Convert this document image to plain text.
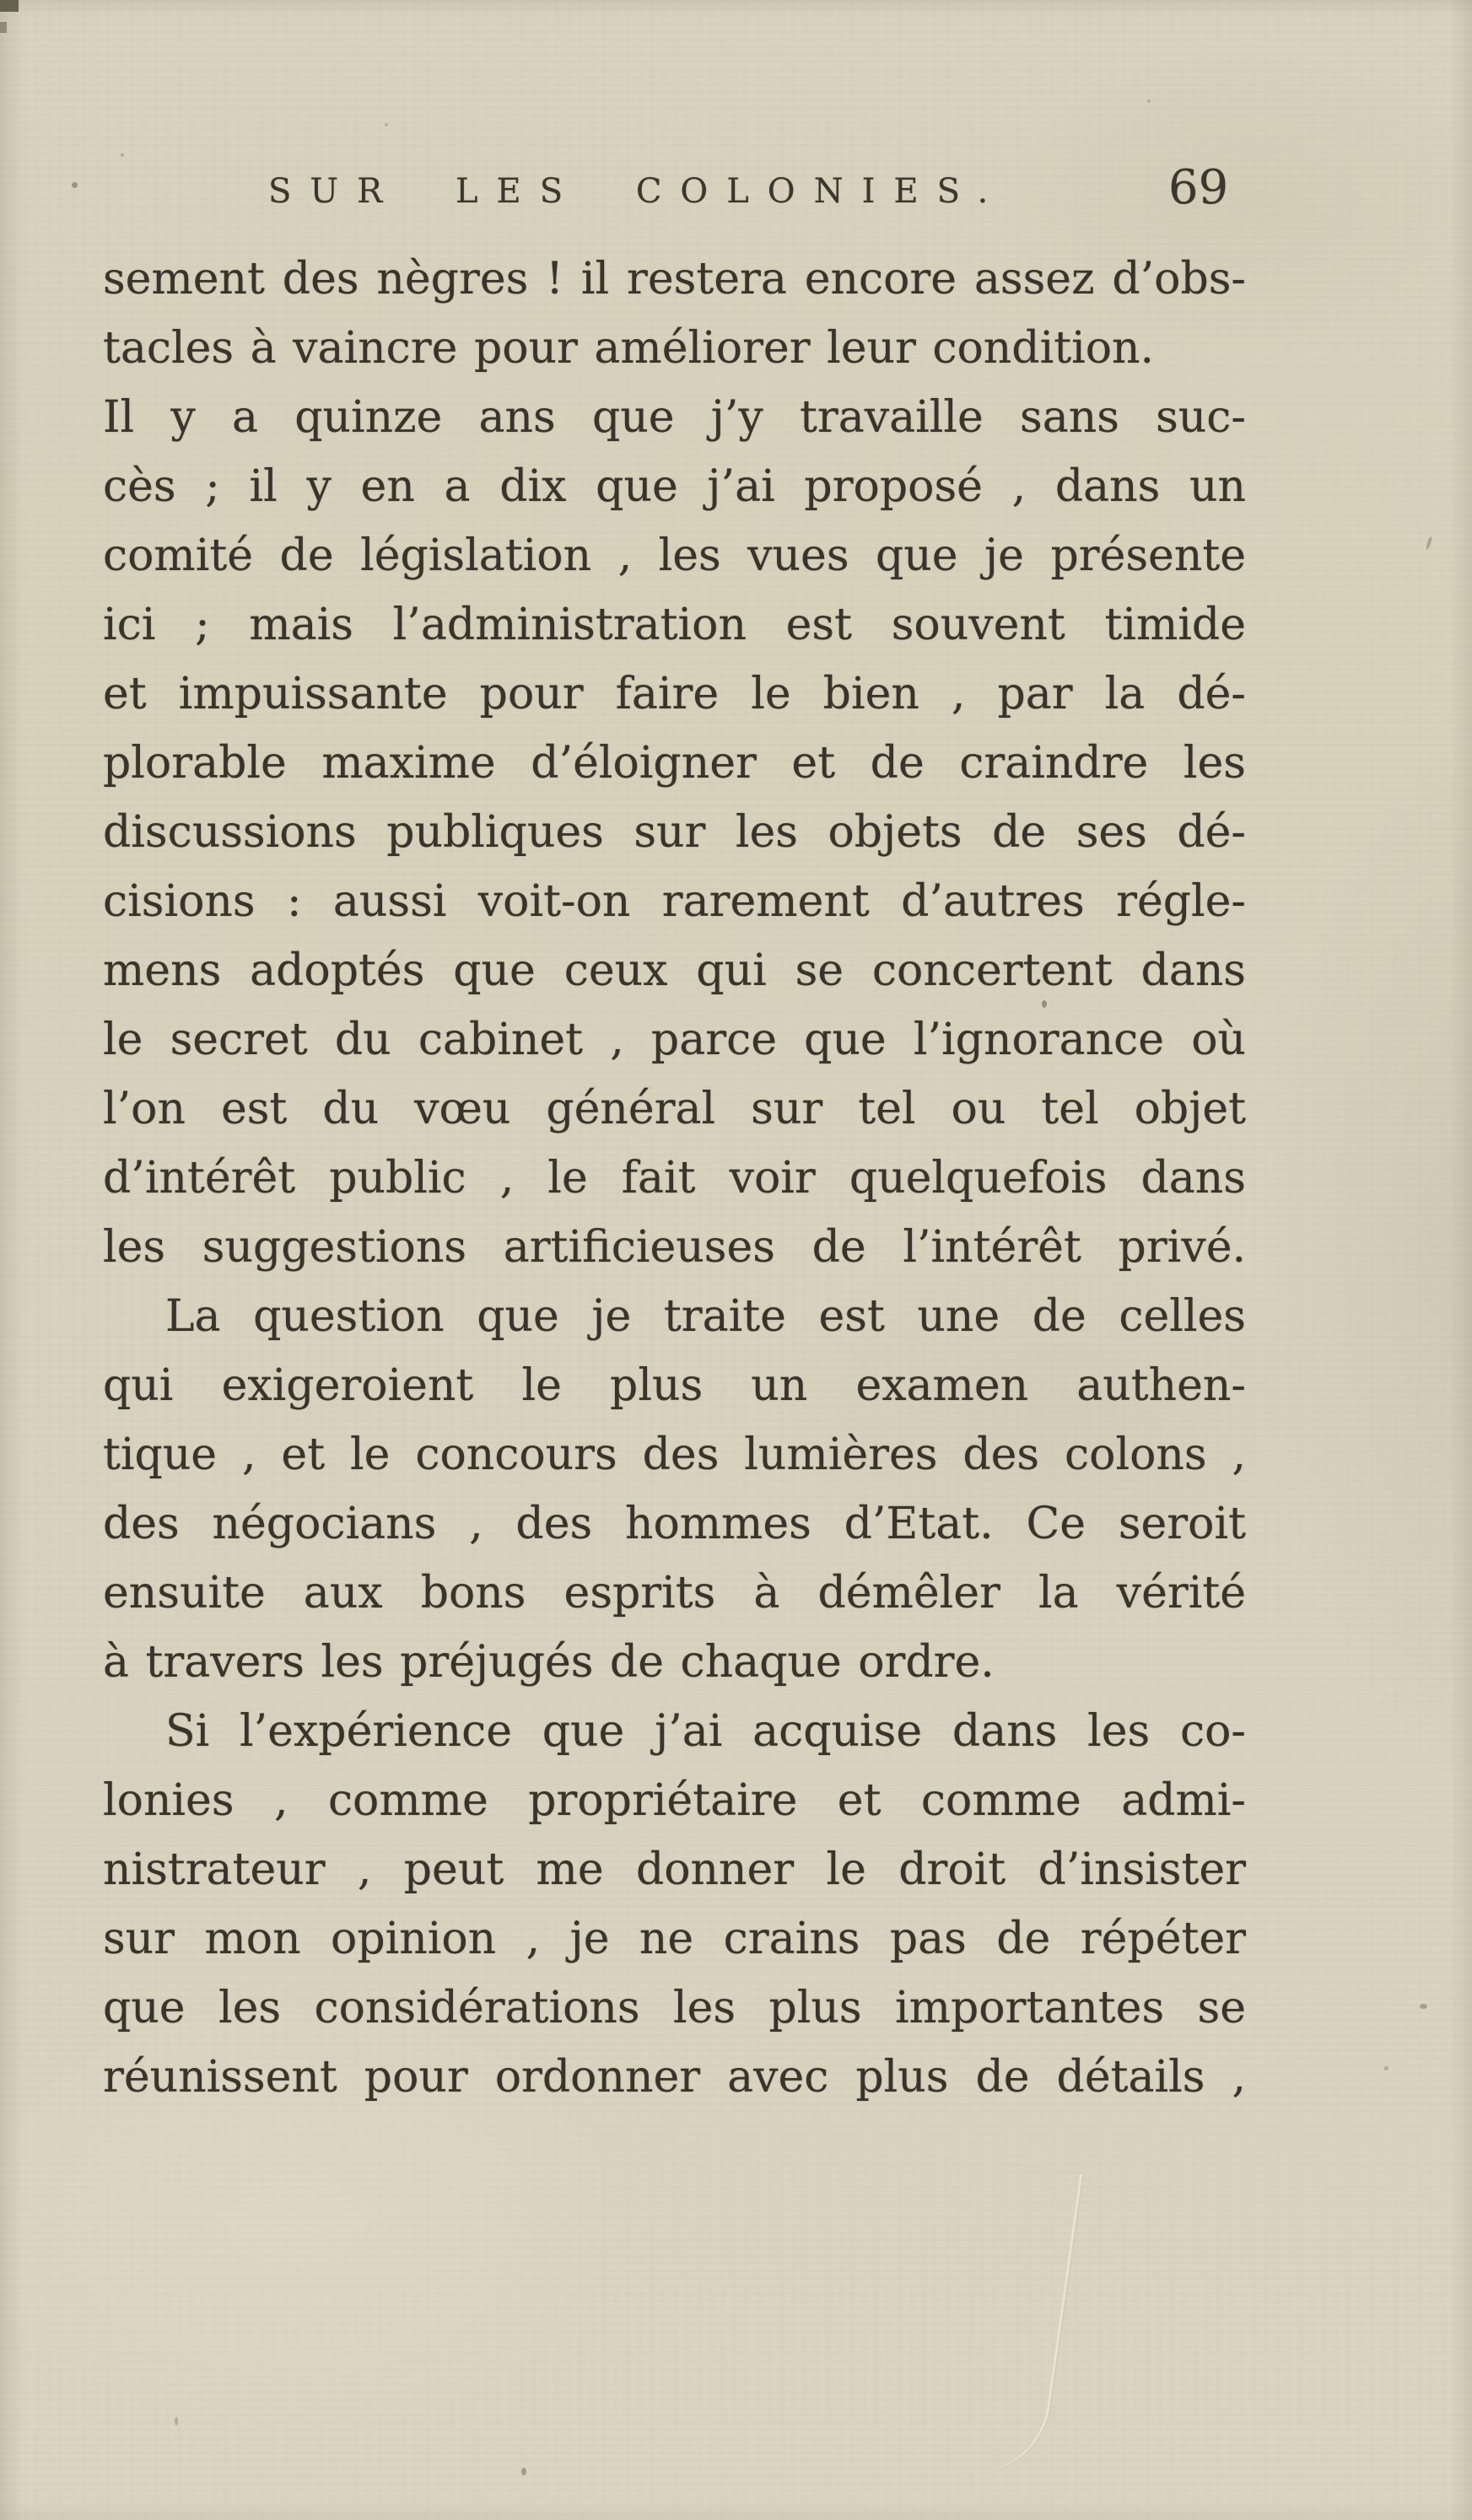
SUR LES COLONIES.	69
sement des nègres ! il restera encore assez d’obs-
tacles à vaincre pour améliorer leur condition.
Il y a quinze ans que j’y travaille sans suc-
cès ; il y en a dix que j’ai proposé , dans un
comité de législation , les vues que je présente
ici ; mais l’administration est souvent timide
et impuissante pour faire le bien , par la dé-
plorable maxime d’éloigner et de craindre les
discussions publiques sur les objets de ses dé-
cisions : aussi voit-on rarement d’autres régle-
mens adoptés que ceux qui se concertent dans
le secret du cabinet , parce que l’ignorance où
l’on est du vœu général sur tel ou tel objet
d’intérêt public , le fait voir quelquefois dans
les suggestions artificieuses de l’intérêt privé.
La question que je traite est une de celles
qui exigeroient le plus un examen authen-
tique , et le concours des lumières des colons ,
des négocians , des hommes d’Etat. Ce seroit
ensuite aux bons esprits à démêler la vérité
à travers les préjugés de chaque ordre.
Si l’expérience que j’ai acquise dans les co-
lonies , comme propriétaire et comme admi-
nistrateur , peut me donner le droit d’insister
sur mon opinion , je ne crains pas de répéter
que les considérations les plus importantes se
réunissent pour ordonner avec plus de détails ,
